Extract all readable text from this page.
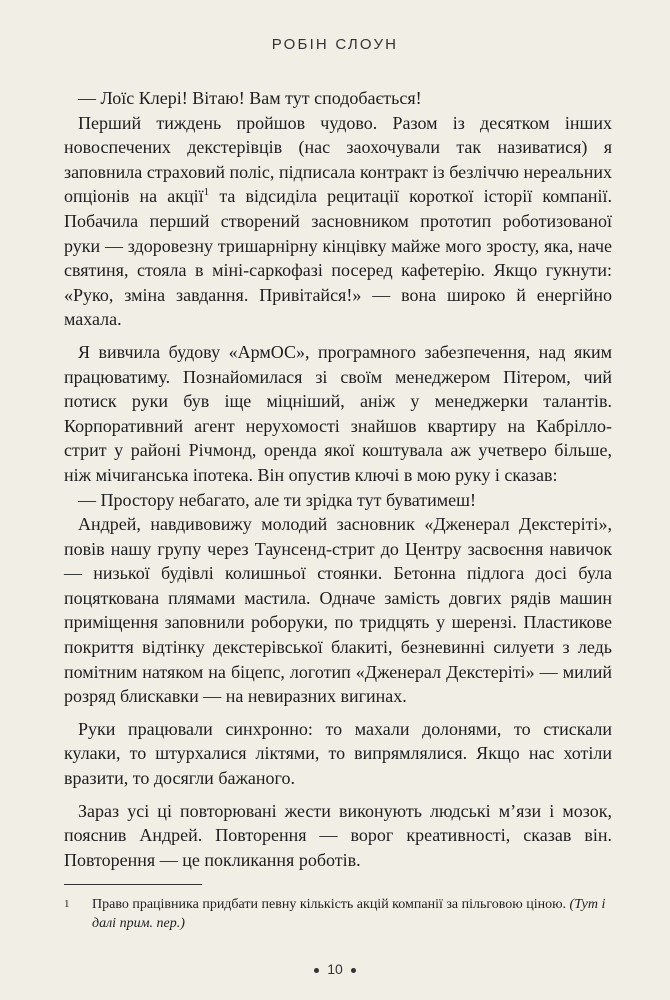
РОБІН СЛОУН

— Лоїс Клері! Вітаю! Вам тут сподобається!

Перший тиждень пройшов чудово. Разом із десятком інших новоспечених декстерівців (нас заохочували так називатися) я заповнила страховий поліс, підписала контракт із безліччю нереальних опціонів на акції$^1$ та відсиділа рецитації короткої історії компанії. Побачила перший створений засновником прототип роботизованої руки — здоровезну тришарнірну кінцівку майже мого зросту, яка, наче святиня, стояла в міні-саркофазі посеред кафетерію. Якщо гукнути: «Руко, зміна завдання. Привітайся!» — вона широко й енергійно махала.

Я вивчила будову «АрмОС», програмного забезпечення, над яким працюватиму. Познайомилася зі своїм менеджером Пітером, чий потиск руки був іще міцніший, аніж у менеджерки талантів. Корпоративний агент нерухомості знайшов квартиру на Кабрілло-стрит у районі Річмонд, оренда якої коштувала аж учетверо більше, ніж мічиганська іпотека. Він опустив ключі в мою руку і сказав:

— Простору небагато, але ти зрідка тут буватимеш!

Андрей, навдивовижу молодий засновник «Дженерал Декстеріті», повів нашу групу через Таунсенд-стрит до Центру засвоєння навичок — низької будівлі колишньої стоянки. Бетонна підлога досі була поцяткована плямами мастила. Одначе замість довгих рядів машин приміщення заповнили роборуки, по тридцять у шерензі. Пластикове покриття відтінку декстерівської блакиті, безневинні силуети з ледь помітним натяком на біцепс, логотип «Дженерал Декстеріті» — милий розряд блискавки — на невиразних вигинах.

Руки працювали синхронно: то махали долонями, то стискали кулаки, то штурхалися ліктями, то випрямлялися. Якщо нас хотіли вразити, то досягли бажаного.

Зараз усі ці повторювані жести виконують людські м’язи і мозок, пояснив Андрей. Повторення — ворог креативності, сказав він. Повторення — це покликання роботів.

1 Право працівника придбати певну кількість акцій компанії за пільговою ціною. (Тут і далі прим. пер.)
10
